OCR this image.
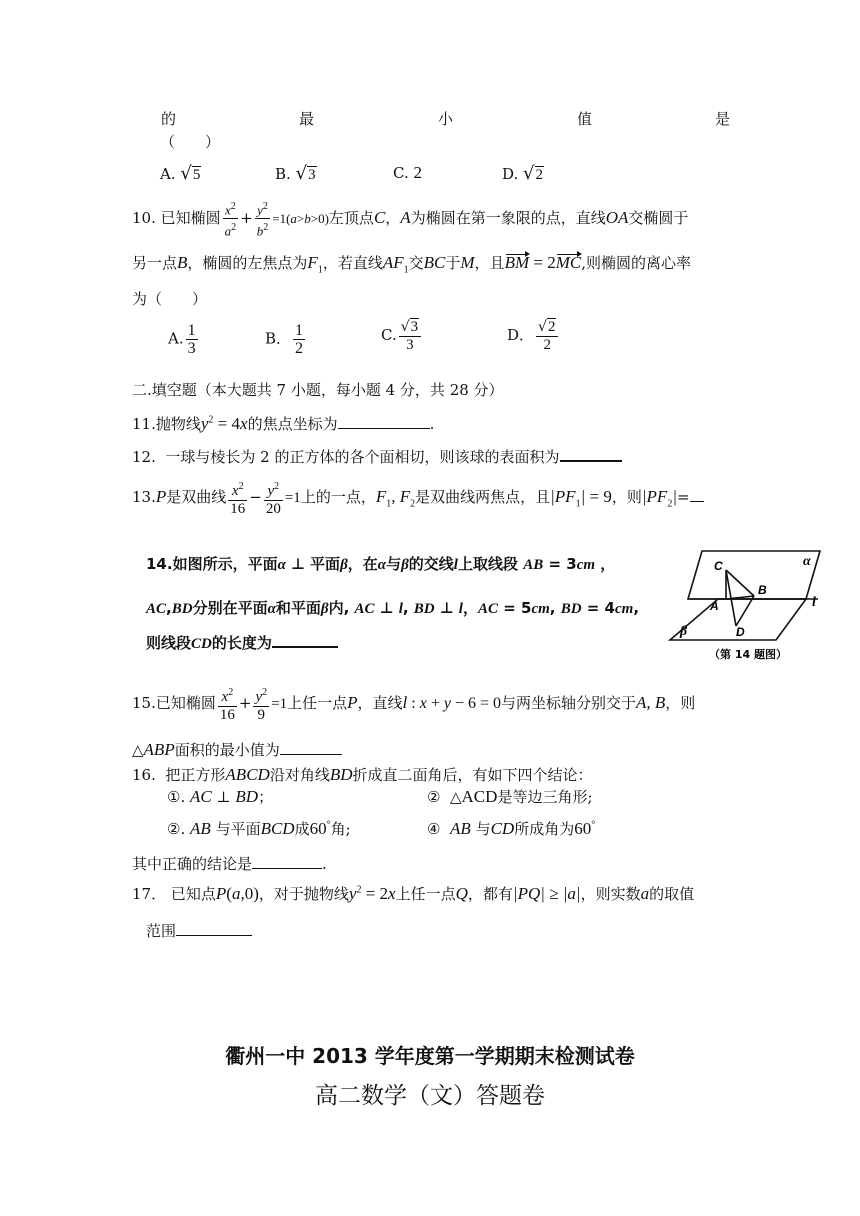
的	最	小	值	是
（　　）
A. √5	B. √3	C. 2	D. √2
10. 已知椭圆 $\frac{x^2}{a^2} + \frac{y^2}{b^2} =1(a>b>0)$左顶点C，A为椭圆在第一象限的点，直线OA交椭圆于
另一点B，椭圆的左焦点为$F_1$，若直线$AF_1$交BC于M，且BM = 2MC,则椭圆的离心率
为（　　）
A. $\frac{1}{3}$	B． $\frac{1}{2}$	C. $\frac{√3}{3}$	D． $\frac{√2}{2}$
二.填空题（本大题共 7 小题，每小题 4 分，共 28 分）
11.抛物线$y^2 = 4x$的焦点坐标为	.
12. 一球与棱长为 2 的正方体的各个面相切，则该球的表面积为
13.P是双曲线 $\frac{x^2}{16} - \frac{y^2}{20} =1$上的一点，$F_1$, $F_2$是双曲线两焦点，且$|PF_1| = 9$，则$|PF_2|=$
14.如图所示，平面α ⊥ 平面β，在α与β的交线l上取线段 AB = 3cm ，
AC,BD分别在平面α和平面β内, AC ⊥ l, BD ⊥ l，AC = 5cm, BD = 4cm,
则线段CD的长度为
α
β
l
C
A
B
D
（第 14 题图）
15.已知椭圆 $\frac{x^2}{16} + \frac{y^2}{9} =1$上任一点P，直线l : x + y − 6 = 0与两坐标轴分别交于A, B，则
△ABP面积的最小值为
16. 把正方形ABCD沿对角线BD折成直二面角后，有如下四个结论：
①. AC ⊥ BD；	②  △ACD是等边三角形;
②. AB 与平面BCD成60°角;	④ AB 与CD所成角为60°
其中正确的结论是	.
17． 已知点P(a,0)，对于抛物线$y^2 = 2x$上任一点Q，都有|PQ| ≥ |a|，则实数a的取值
范围
衢州一中 2013 学年度第一学期期末检测试卷
高二数学（文）答题卷
